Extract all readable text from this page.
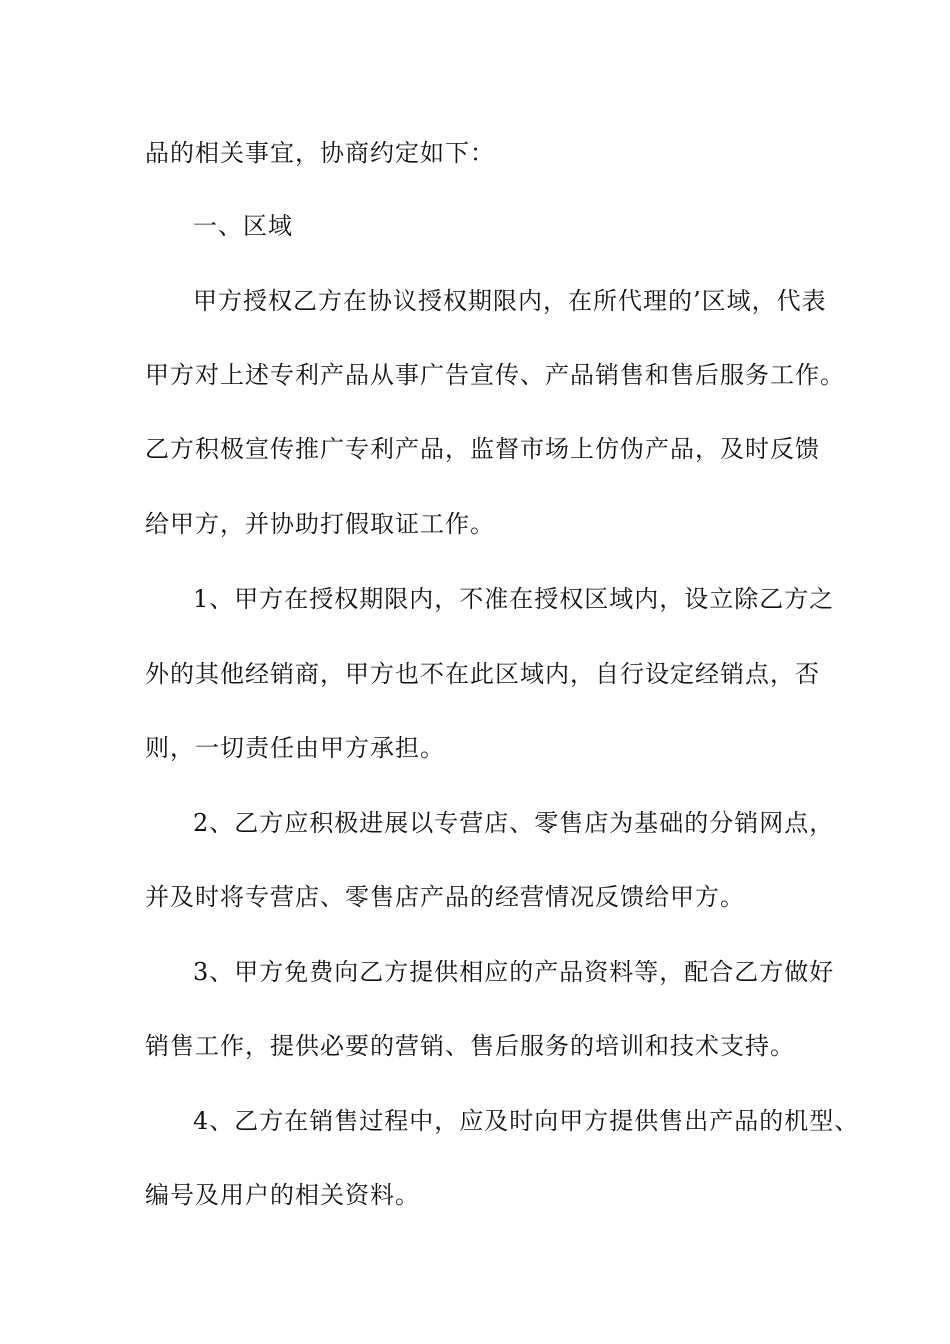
品的相关事宜，协商约定如下：
一、区域
甲方授权乙方在协议授权期限内，在所代理的’区域，代表
甲方对上述专利产品从事广告宣传、产品销售和售后服务工作。
乙方积极宣传推广专利产品，监督市场上仿伪产品，及时反馈
给甲方，并协助打假取证工作。
1、甲方在授权期限内，不准在授权区域内，设立除乙方之
外的其他经销商，甲方也不在此区域内，自行设定经销点，否
则，一切责任由甲方承担。
2、乙方应积极进展以专营店、零售店为基础的分销网点，
并及时将专营店、零售店产品的经营情况反馈给甲方。
3、甲方免费向乙方提供相应的产品资料等，配合乙方做好
销售工作，提供必要的营销、售后服务的培训和技术支持。
4、乙方在销售过程中，应及时向甲方提供售出产品的机型、
编号及用户的相关资料。
